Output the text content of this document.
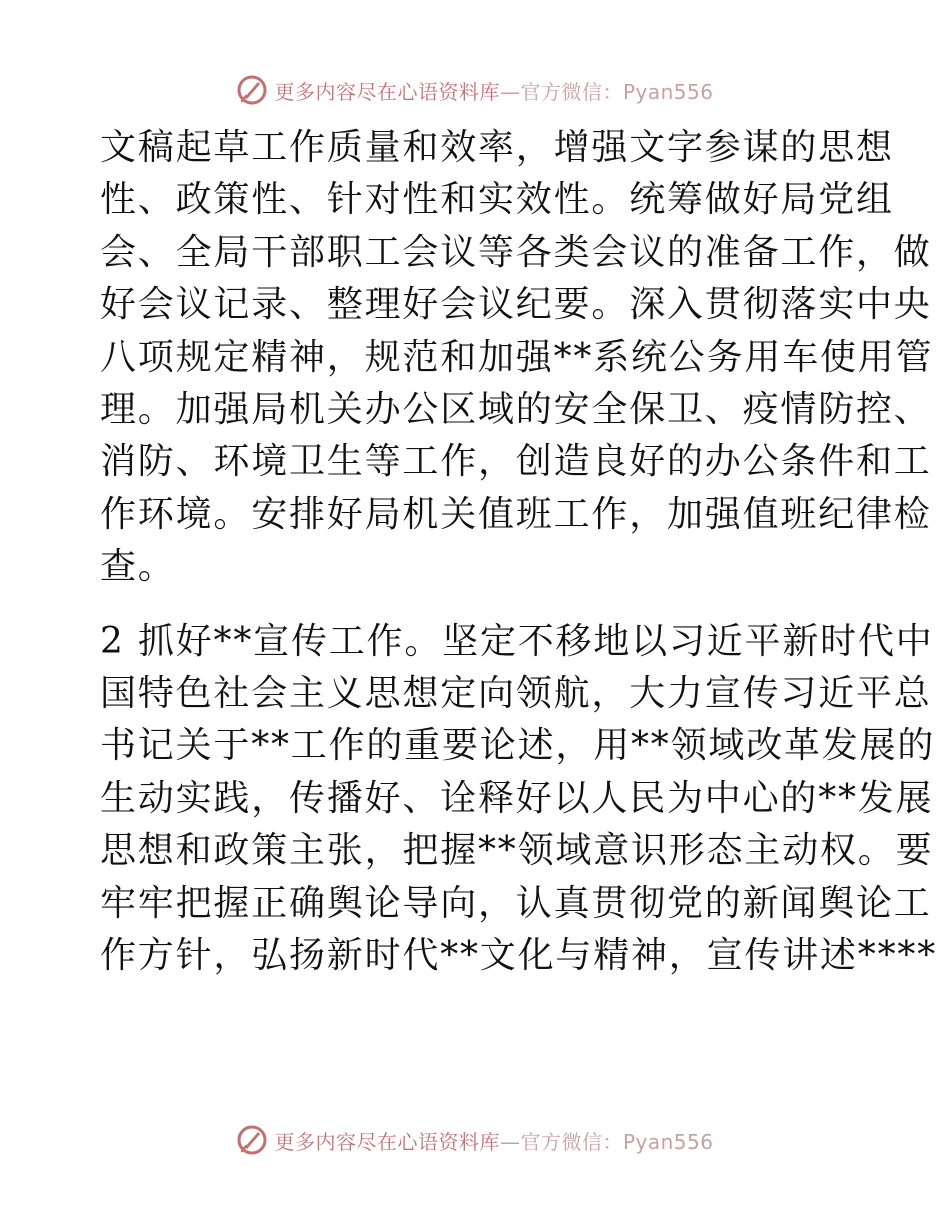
更多内容尽在心语资料库—官方微信：Pyan556

文稿起草工作质量和效率，增强文字参谋的思想
性、政策性、针对性和实效性。统筹做好局党组
会、全局干部职工会议等各类会议的准备工作，做
好会议记录、整理好会议纪要。深入贯彻落实中央
八项规定精神，规范和加强**系统公务用车使用管
理。加强局机关办公区域的安全保卫、疫情防控、
消防、环境卫生等工作，创造良好的办公条件和工
作环境。安排好局机关值班工作，加强值班纪律检
查。

2 抓好**宣传工作。坚定不移地以习近平新时代中
国特色社会主义思想定向领航，大力宣传习近平总
书记关于**工作的重要论述，用**领域改革发展的
生动实践，传播好、诠释好以人民为中心的**发展
思想和政策主张，把握**领域意识形态主动权。要
牢牢把握正确舆论导向，认真贯彻党的新闻舆论工
作方针，弘扬新时代**文化与精神，宣传讲述****

更多内容尽在心语资料库—官方微信：Pyan556
